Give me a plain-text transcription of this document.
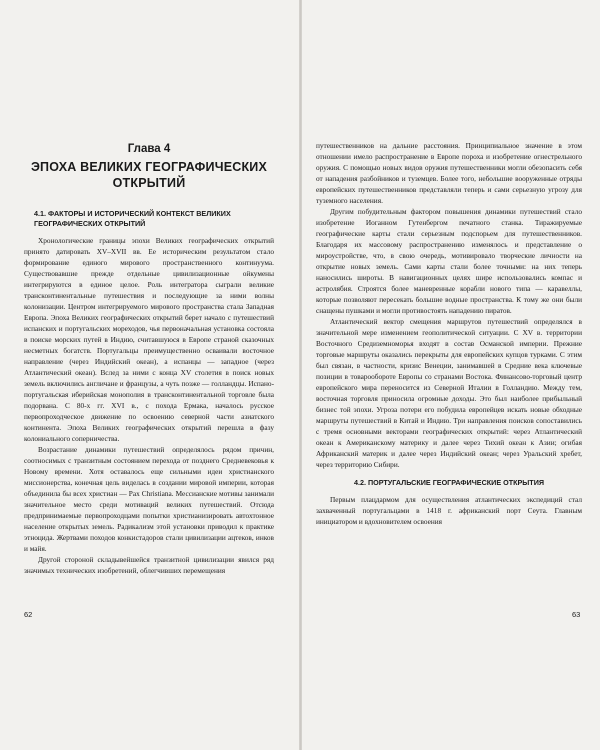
Глава 4
ЭПОХА ВЕЛИКИХ ГЕОГРАФИЧЕСКИХ ОТКРЫТИЙ
4.1. ФАКТОРЫ И ИСТОРИЧЕСКИЙ КОНТЕКСТ ВЕЛИКИХ ГЕОГРАФИЧЕСКИХ ОТКРЫТИЙ

Хронологические границы эпохи Великих географических открытий принято датировать XV–XVII вв. Ее историческим результатом стало формирование единого мирового пространственного континуума. Существовавшие прежде отдельные цивилизационные ойкумены интегрируются в единое целое. Роль интегратора сыграли великие трансконтинентальные путешествия и последующие за ними волны колонизации. Центром интегрируемого мирового пространства стала Западная Европа. Эпоха Великих географических открытий берет начало с путешествий испанских и португальских мореходов, чья первоначальная установка состояла в поиске морских путей в Индию, считавшуюся в Европе страной сказочных несметных богатств. Португальцы преимущественно осваивали восточное направление (через Индийский океан), а испанцы — западное (через Атлантический океан). Вслед за ними с конца XV столетия в поиск новых земель включились англичане и французы, а чуть позже — голландцы. Испано-португальская иберийская монополия в трансконтинентальной торговле была подорвана. С 80-х гг. XVI в., с похода Ермака, началось русское первопроходческое движение по освоению северной части азиатского континента. Эпоха Великих географических открытий перешла в фазу колониального соперничества.

Возрастание динамики путешествий определялось рядом причин, соотносимых с транзитным состоянием перехода от позднего Средневековья к Новому времени. Хотя оставалось еще сильными идеи христианского миссионерства, конечная цель виделась в создании мировой империи, которая объединила бы всех христиан — Pax Christiana. Мессианские мотивы занимали значительное место среди мотиваций великих путешествий. Отсюда предпринимаемые первопроходцами попытки христианизировать автохтонное население открытых земель. Радикализм этой установки приводил к практике этноцида. Жертвами походов конкистадоров стали цивилизации ацтеков, инков и майя.

Другой стороной складывейшейся транзитной цивилизации явился ряд значимых технических изобретений, облегчивших перемещения

62

путешественников на дальние расстояния. Принципиальное значение в этом отношении имело распространение в Европе пороха и изобретение огнестрельного оружия. С помощью новых видов оружия путешественники могли обезопасить себя от нападения разбойников и туземцев. Более того, небольшие вооруженные отряды европейских путешественников представляли теперь и сами серьезную угрозу для туземного населения.

Другим побудительным фактором повышения динамики путешествий стало изобретение Иоганном Гутенбергом печатного станка. Тиражируемые географические карты стали серьезным подспорьем для путешественников. Благодаря их массовому распространению изменялось и представление о мироустройстве, что, в свою очередь, мотивировало творческие личности на открытие новых земель. Сами карты стали более точными: на них теперь наносились широты. В навигационных целях шире использовались компас и астролябия. Строятся более маневренные корабли нового типа — каравеллы, которые позволяют пересекать большие водные пространства. К тому же они были снащены пушками и могли противостоять нападению пиратов.

Атлантический вектор смещения маршрутов путешествий определялся в значительной мере изменением геополитической ситуации. С XV в. территории Восточного Средиземноморья входят в состав Османской империи. Прежние торговые маршруты оказались перекрыты для европейских купцов турками. С этим был связан, в частности, кризис Венеции, занимавшей в Средние века ключевые позиции в товарообороте Европы со странами Востока. Финансово-торговый центр европейского мира переносится из Северной Италии в Голландию. Между тем, восточная торговля приносила огромные доходы. Это был наиболее прибыльный бизнес той эпохи. Угроза потери его побудила европейцев искать новые обходные маршруты путешествий в Китай и Индию. Три направления поисков сопоставились с тремя основными векторами географических открытий: через Атлантический океан к Американскому материку и далее через Тихий океан к Азии; огибая Африканский материк и далее через Индийский океан; через Уральский хребет, через территорию Сибири.

4.2. ПОРТУГАЛЬСКИЕ ГЕОГРАФИЧЕСКИЕ ОТКРЫТИЯ

Первым плацдармом для осуществления атлантических экспедиций стал захваченный португальцами в 1418 г. африканский порт Сеута. Главным инициатором и вдохновителем освоения

63
